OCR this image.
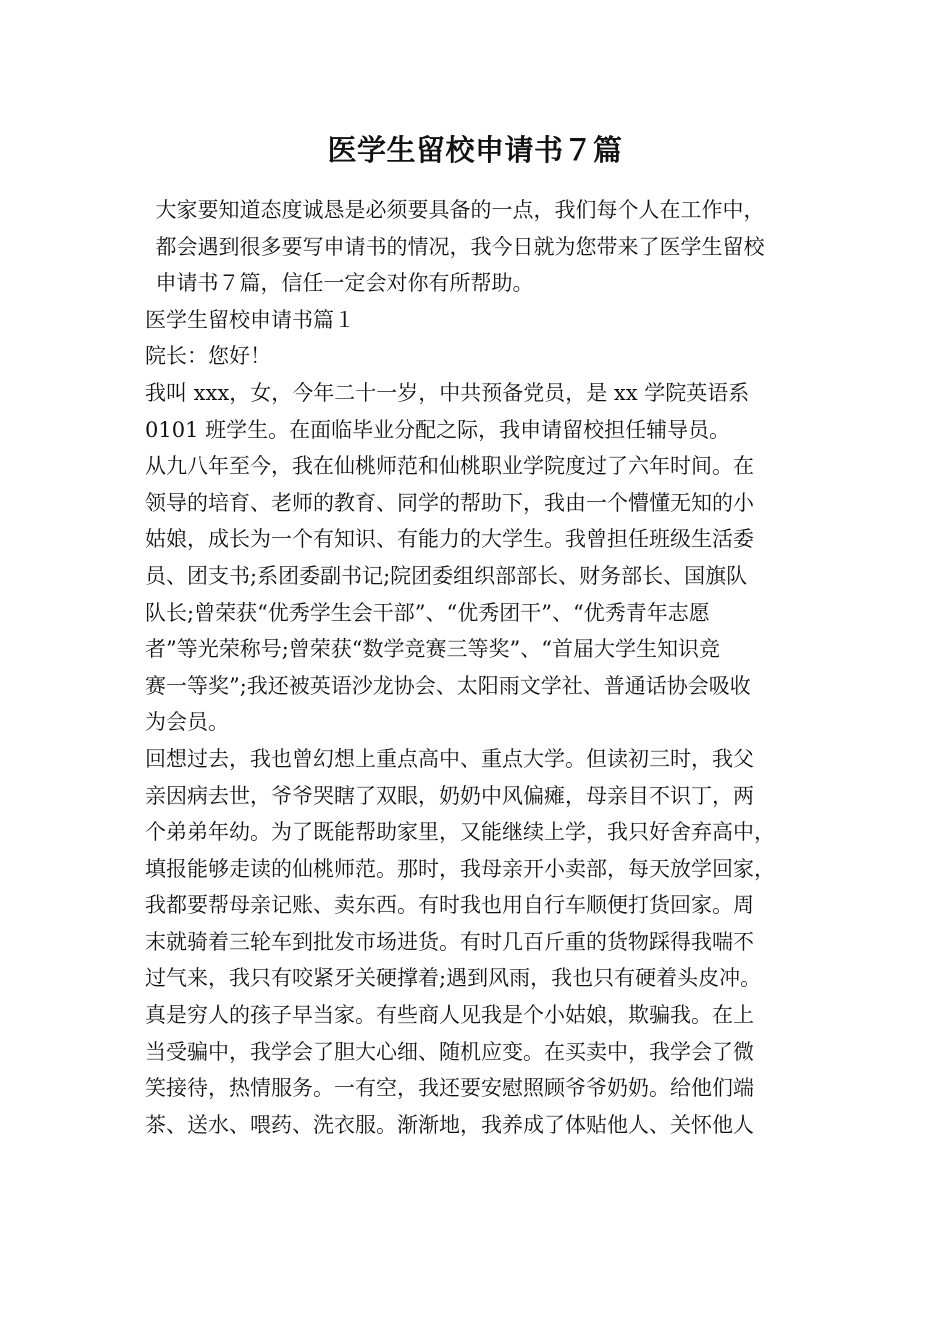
医学生留校申请书７篇
大家要知道态度诚恳是必须要具备的一点，我们每个人在工作中，
都会遇到很多要写申请书的情况，我今日就为您带来了医学生留校
申请书７篇，信任一定会对你有所帮助。
医学生留校申请书篇１
院长：您好！
我叫 xxx，女，今年二十一岁，中共预备党员，是 xx 学院英语系
0101 班学生。在面临毕业分配之际，我申请留校担任辅导员。
从九八年至今，我在仙桃师范和仙桃职业学院度过了六年时间。在
领导的培育、老师的教育、同学的帮助下，我由一个懵懂无知的小
姑娘，成长为一个有知识、有能力的大学生。我曾担任班级生活委
员、团支书;系团委副书记;院团委组织部部长、财务部长、国旗队
队长;曾荣获“优秀学生会干部”、“优秀团干”、“优秀青年志愿
者”等光荣称号;曾荣获“数学竞赛三等奖”、“首届大学生知识竞
赛一等奖”;我还被英语沙龙协会、太阳雨文学社、普通话协会吸收
为会员。
回想过去，我也曾幻想上重点高中、重点大学。但读初三时，我父
亲因病去世，爷爷哭瞎了双眼，奶奶中风偏瘫，母亲目不识丁，两
个弟弟年幼。为了既能帮助家里，又能继续上学，我只好舍弃高中，
填报能够走读的仙桃师范。那时，我母亲开小卖部，每天放学回家，
我都要帮母亲记账、卖东西。有时我也用自行车顺便打货回家。周
末就骑着三轮车到批发市场进货。有时几百斤重的货物踩得我喘不
过气来，我只有咬紧牙关硬撑着;遇到风雨，我也只有硬着头皮冲。
真是穷人的孩子早当家。有些商人见我是个小姑娘，欺骗我。在上
当受骗中，我学会了胆大心细、随机应变。在买卖中，我学会了微
笑接待，热情服务。一有空，我还要安慰照顾爷爷奶奶。给他们端
茶、送水、喂药、洗衣服。渐渐地，我养成了体贴他人、关怀他人
